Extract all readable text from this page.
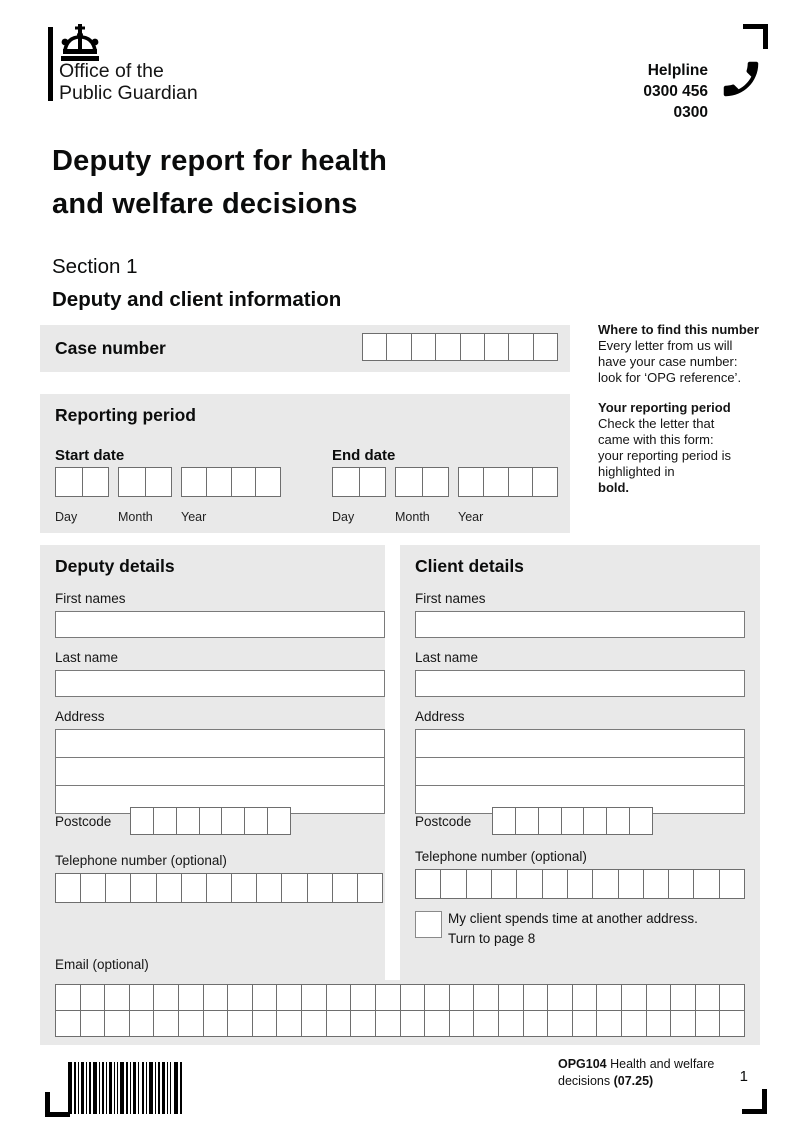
Office of the
Public Guardian
Helpline
0300 456
0300
Deputy report for health
and welfare decisions
Section 1
Deputy and client information
Case number
Where to find this number
Every letter from us will
have your case number:
look for ‘OPG reference’.
Reporting period
Start date
Day	Month Year
End date
Day	Month Year
Your reporting period
Check the letter that
came with this form:
your reporting period is
highlighted in
bold.
Deputy details
First names
Last name
Address
Postcode
Telephone number (optional)
Client details
First names
Last name
Address
Postcode
Telephone number (optional)
My client spends time at another address.
Turn to page 8
Email (optional)
OPG104 Health and welfare
decisions (07.25)	1
